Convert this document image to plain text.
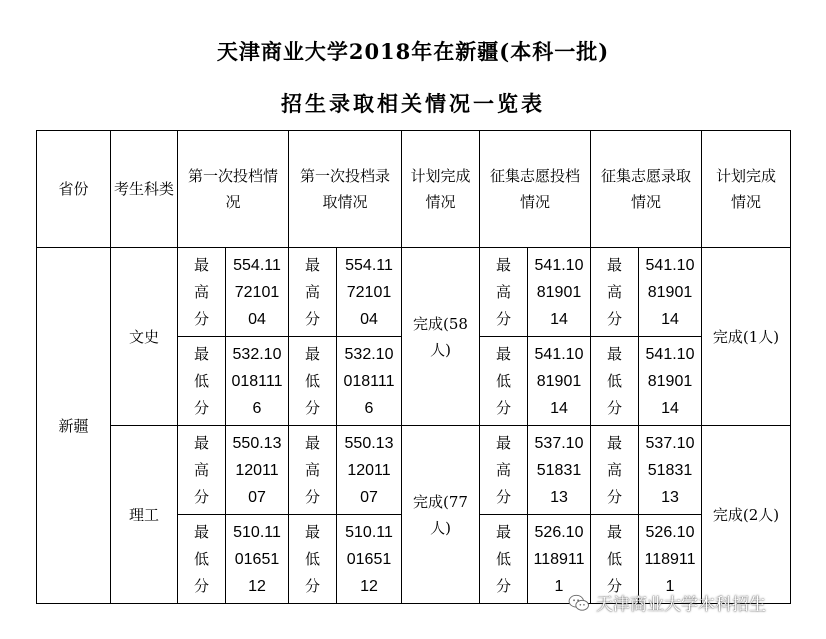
天津商业大学2018年在新疆(本科一批)
招生录取相关情况一览表
省份	考生科类	第一次投档情况		第一次投档录取情况		计划完成情况	征集志愿投档情况		征集志愿录取情况		计划完成情况

新疆	文史	最高分	554.117210104	最高分	554.117210104	完成(58人)	最高分	541.108190114	最高分	541.108190114	完成(1人)

		最低分	532.100181116	最低分	532.100181116		最低分	541.108190114	最低分	541.108190114	

	理工	最高分	550.131201107	最高分	550.131201107	完成(77人)	最高分	537.105183113	最高分	537.105183113	完成(2人)

		最低分	510.110165112	最低分	510.110165112		最低分	526.101189111	最低分	526.101189111	
天津商业大学本科招生
